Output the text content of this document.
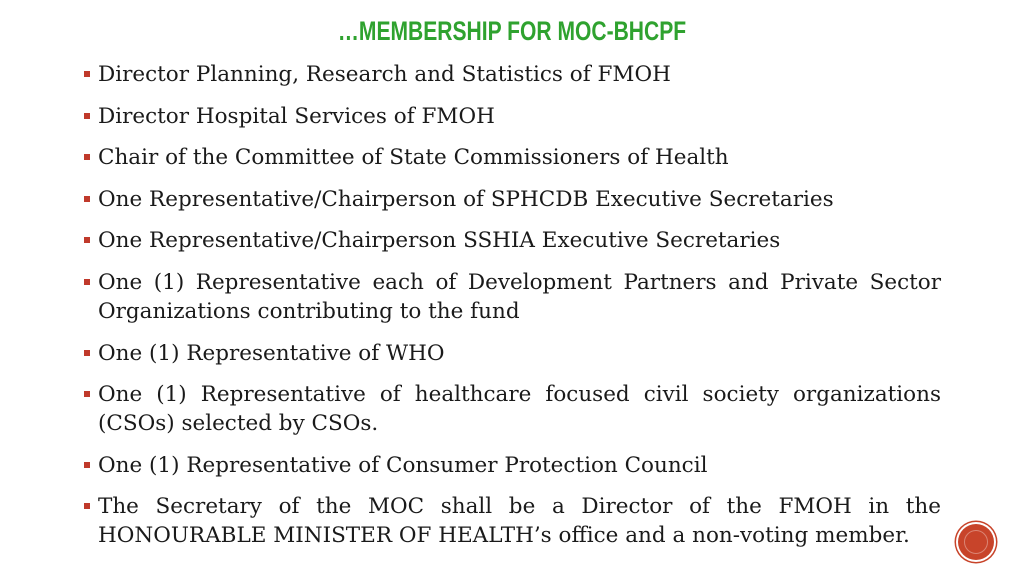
…MEMBERSHIP FOR MOC-BHCPF
Director Planning, Research and Statistics of FMOH
Director Hospital Services of FMOH
Chair of the Committee of State Commissioners of Health
One Representative/Chairperson of SPHCDB Executive Secretaries
One Representative/Chairperson SSHIA Executive Secretaries
One (1) Representative each of Development Partners and Private Sector Organizations contributing to the fund
One (1) Representative of WHO
One (1) Representative of healthcare focused civil society organizations (CSOs) selected by CSOs.
One (1) Representative of Consumer Protection Council
The Secretary of the MOC shall be a Director of the FMOH in the HONOURABLE MINISTER OF HEALTH’s office and a non-voting member.
